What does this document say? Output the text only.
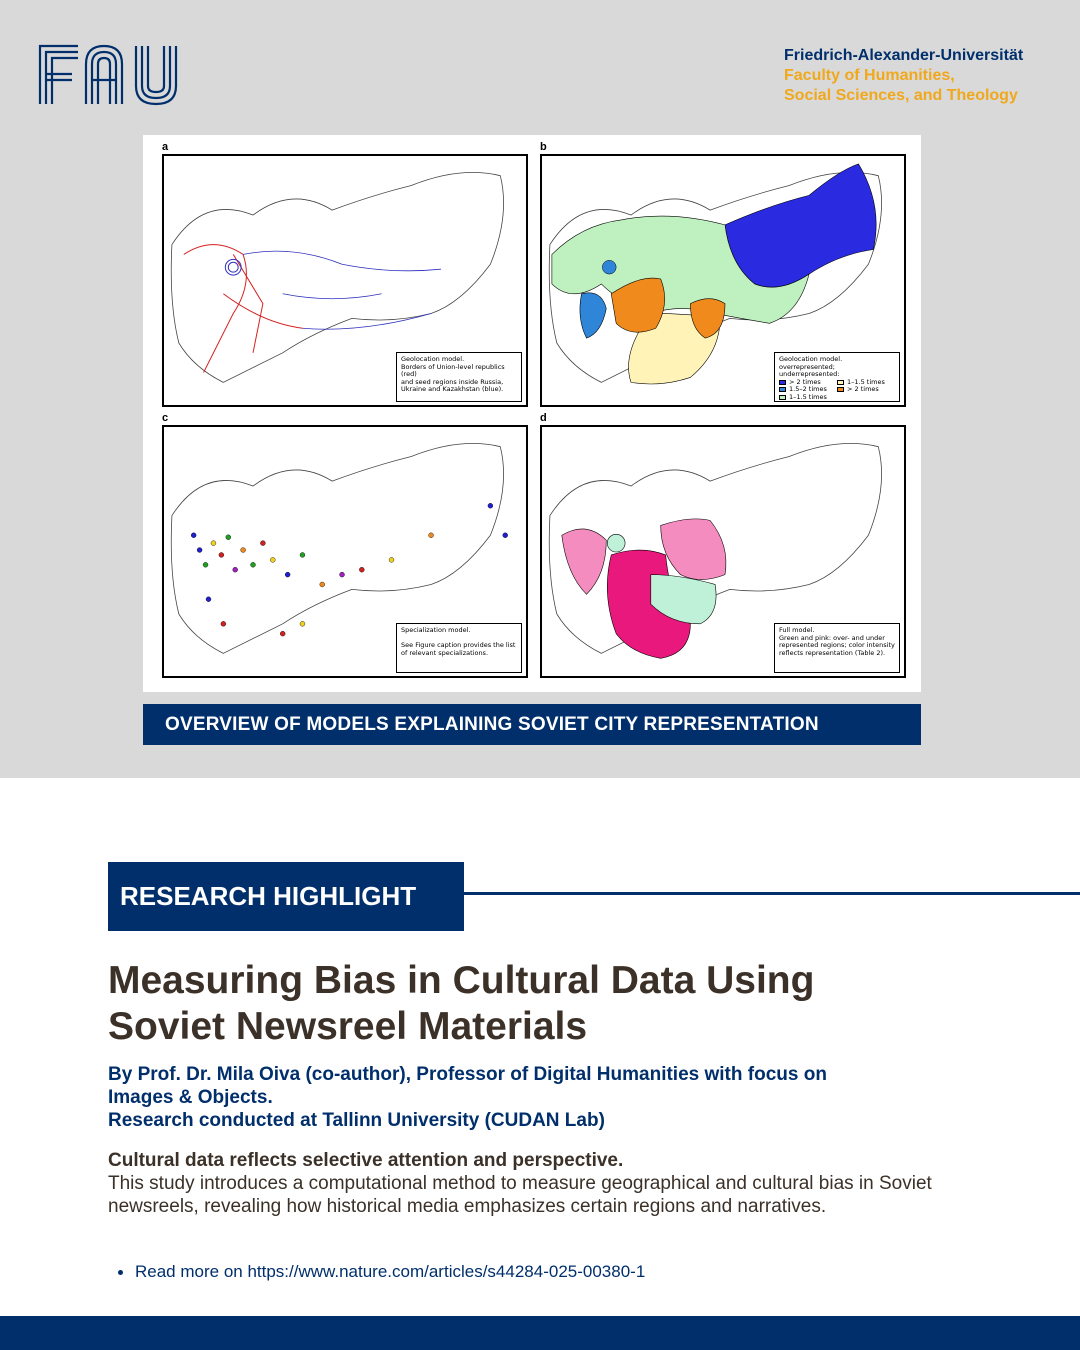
Friedrich-Alexander-Universität
Faculty of Humanities,
Social Sciences, and Theology
a
Geolocation model.
Borders of Union-level republics (red)
and seed regions inside Russia,
Ukraine and Kazakhstan (blue).
b
Geolocation model.
overrepresented; underrepresented:
> 2 times	1–1.5 times
1.5–2 times	> 2 times
1–1.5 times
c
Specialization model.
See Figure caption provides the list
of relevant specializations.
d
Full model.
Green and pink: over- and under
represented regions; color intensity
reflects representation (Table 2).
OVERVIEW OF MODELS EXPLAINING SOVIET CITY REPRESENTATION
RESEARCH HIGHLIGHT
Measuring Bias in Cultural Data Using
Soviet Newsreel Materials
By Prof. Dr. Mila Oiva (co-author), Professor of Digital Humanities with focus on
Images & Objects.
Research conducted at Tallinn University (CUDAN Lab)
Cultural data reflects selective attention and perspective.
This study introduces a computational method to measure geographical and cultural bias in Soviet newsreels, revealing how historical media emphasizes certain regions and narratives.
Read more on https://www.nature.com/articles/s44284-025-00380-1
